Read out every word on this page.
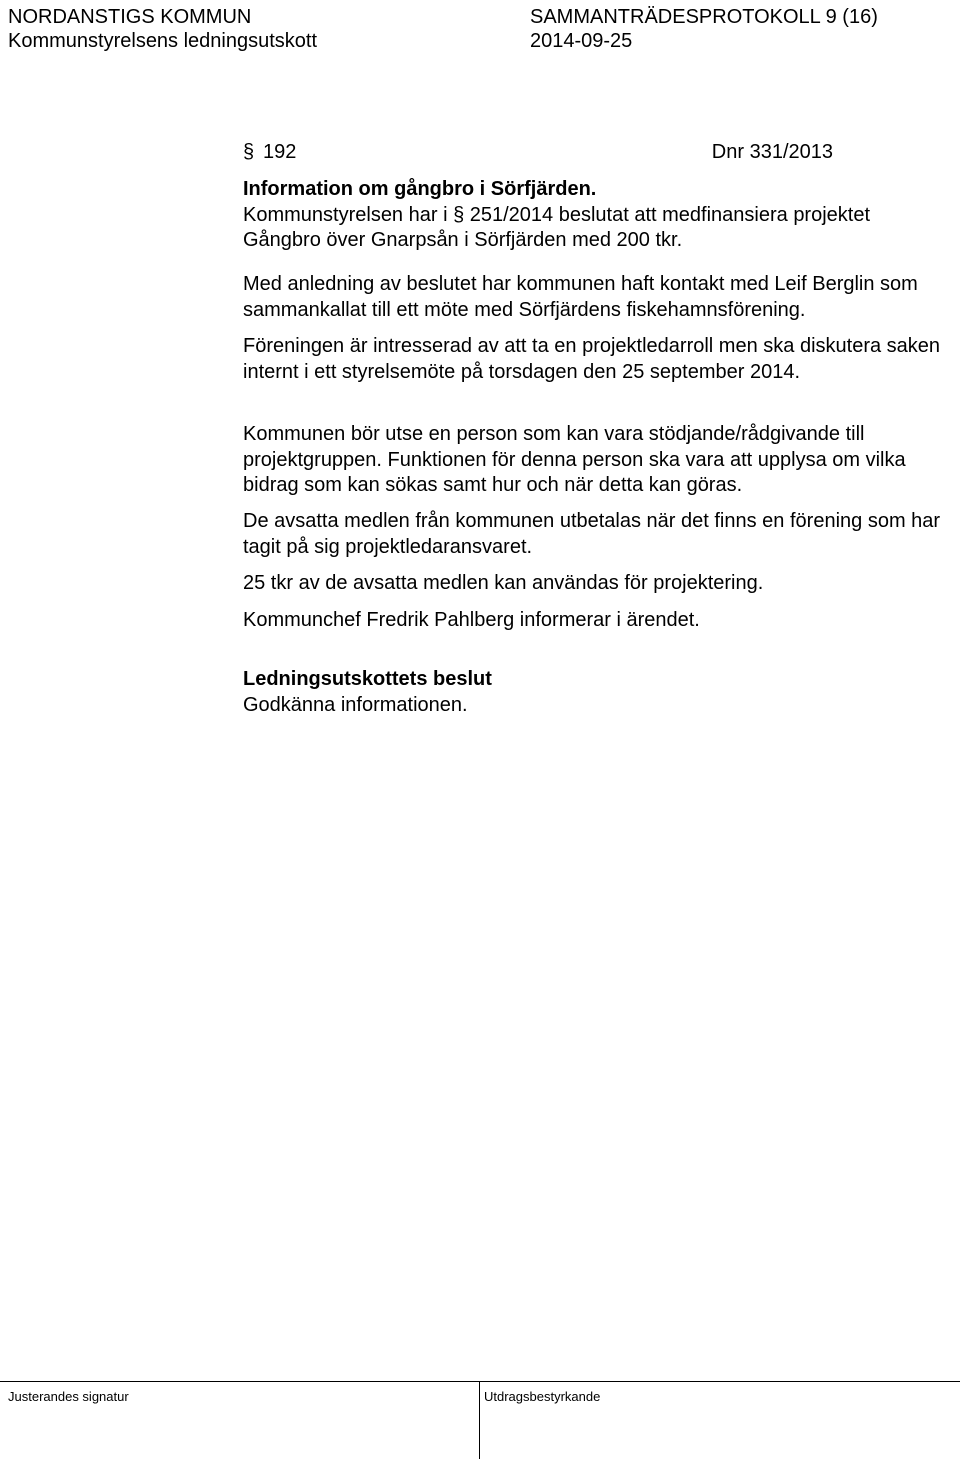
NORDANSTIGS KOMMUN
Kommunstyrelsens ledningsutskott
SAMMANTRÄDESPROTOKOLL 9 (16)
2014-09-25
§ 192	Dnr 331/2013
Information om gångbro i Sörfjärden.

Kommunstyrelsen har i § 251/2014 beslutat att medfinansiera projektet Gångbro över Gnarpsån i Sörfjärden med 200 tkr.

Med anledning av beslutet har kommunen haft kontakt med Leif Berglin som sammankallat till ett möte med Sörfjärdens fiskehamnsförening.
Föreningen är intresserad av att ta en projektledarroll men ska diskutera saken internt i ett styrelsemöte på torsdagen den 25 september 2014.
Kommunen bör utse en person som kan vara stödjande/rådgivande till projektgruppen. Funktionen för denna person ska vara att upplysa om vilka bidrag som kan sökas samt hur och när detta kan göras.
De avsatta medlen från kommunen utbetalas när det finns en förening som har tagit på sig projektledaransvaret.
25 tkr av de avsatta medlen kan användas för projektering.
Kommunchef Fredrik Pahlberg informerar i ärendet.
Ledningsutskottets beslut
Godkänna informationen.
Justerandes signatur	Utdragsbestyrkande
